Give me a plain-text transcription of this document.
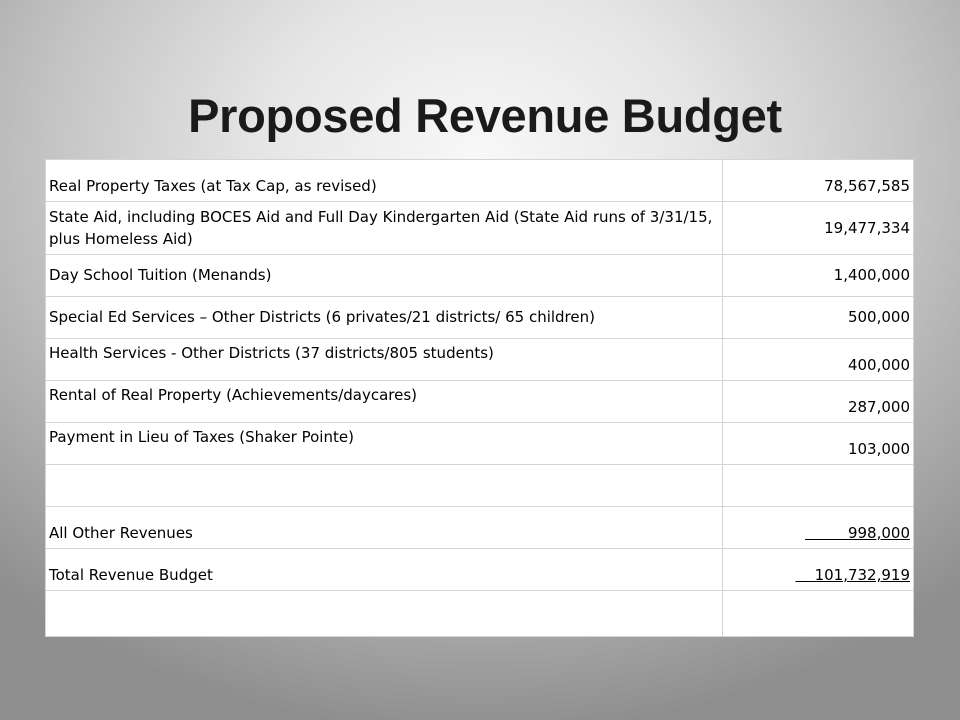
Proposed Revenue Budget
Real Property Taxes (at Tax Cap, as revised)	78,567,585
State Aid, including BOCES Aid and Full Day Kindergarten Aid (State Aid runs of 3/31/15, plus Homeless Aid)	19,477,334
Day School Tuition (Menands)	1,400,000
Special Ed Services – Other Districts (6 privates/21 districts/ 65 children)	500,000
Health Services - Other Districts (37 districts/805 students)	400,000
Rental of Real Property (Achievements/daycares)	287,000
Payment in Lieu of Taxes (Shaker Pointe)	103,000

All Other Revenues	998,000
Total Revenue Budget	101,732,919
